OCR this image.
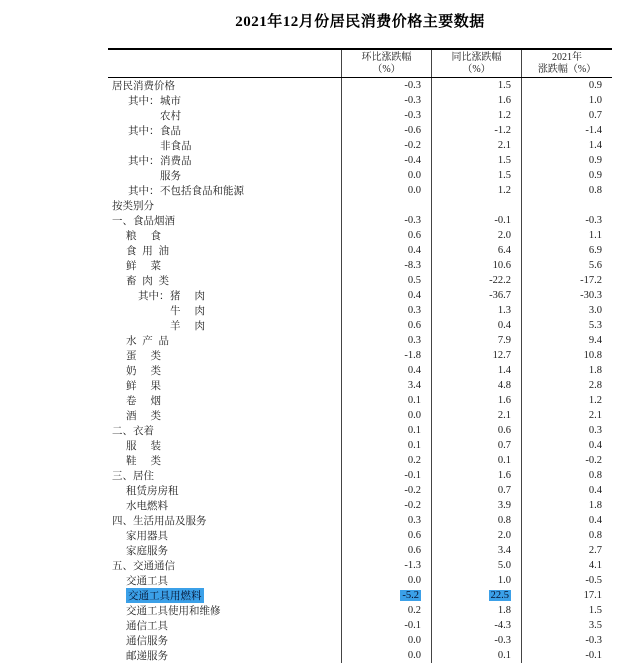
2021年12月份居民消费价格主要数据
环比涨跌幅
（%）
同比涨跌幅
（%）
2021年
涨跌幅（%）
居民消费价格	-0.3	1.5	0.9
其中： 城市	-0.3	1.6	1.0
农村	-0.3	1.2	0.7
其中： 食品	-0.6	-1.2	-1.4
非食品	-0.2	2.1	1.4
其中： 消费品	-0.4	1.5	0.9
服务	0.0	1.5	0.9
其中： 不包括食品和能源	0.0	1.2	0.8
按类别分
一、食品烟酒	-0.3	-0.1	-0.3
粮食	0.6	2.0	1.1
食用油	0.4	6.4	6.9
鲜菜	-8.3	10.6	5.6
畜肉类	0.5	-22.2	-17.2
其中： 猪肉	0.4	-36.7	-30.3
牛肉	0.3	1.3	3.0
羊肉	0.6	0.4	5.3
水产品	0.3	7.9	9.4
蛋类	-1.8	12.7	10.8
奶类	0.4	1.4	1.8
鲜果	3.4	4.8	2.8
卷烟	0.1	1.6	1.2
酒类	0.0	2.1	2.1
二、衣着	0.1	0.6	0.3
服装	0.1	0.7	0.4
鞋类	0.2	0.1	-0.2
三、居住	-0.1	1.6	0.8
租赁房房租	-0.2	0.7	0.4
水电燃料	-0.2	3.9	1.8
四、生活用品及服务	0.3	0.8	0.4
家用器具	0.6	2.0	0.8
家庭服务	0.6	3.4	2.7
五、交通通信	-1.3	5.0	4.1
交通工具	0.0	1.0	-0.5
交通工具用燃料	-5.2	22.5	17.1
交通工具使用和维修	0.2	1.8	1.5
通信工具	-0.1	-4.3	3.5
通信服务	0.0	-0.3	-0.3
邮递服务	0.0	0.1	-0.1
